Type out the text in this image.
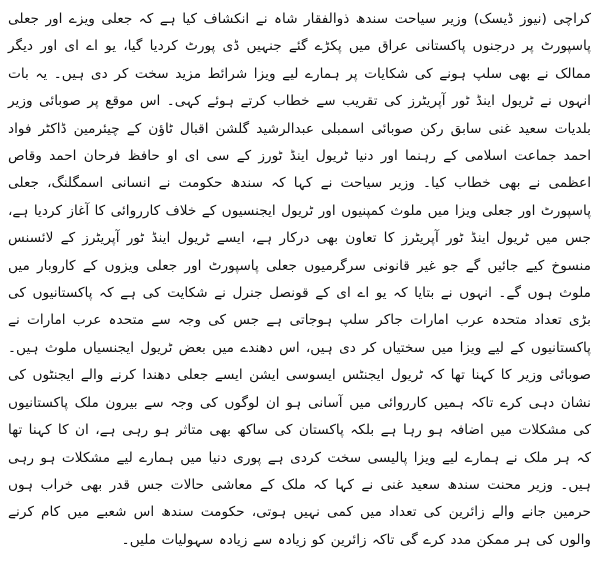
کراچی (نیوز ڈیسک) وزیر سیاحت سندھ ذوالفقار شاہ نے انکشاف کیا ہے کہ جعلی ویزے اور جعلی پاسپورٹ پر درجنوں پاکستانی عراق میں پکڑے گئے جنہیں ڈی پورٹ کردیا گیا، یو اے ای اور دیگر ممالک نے بھی سلپ ہونے کی شکایات پر ہمارے لیے ویزا شرائط مزید سخت کر دی ہیں۔ یہ بات انہوں نے ٹریول اینڈ ٹور آپریٹرز کی تقریب سے خطاب کرتے ہوئے کہی۔ اس موقع پر صوبائی وزیر بلدیات سعید غنی سابق رکن صوبائی اسمبلی عبدالرشید گلشن اقبال ٹاؤن کے چیئرمین ڈاکٹر فواد احمد جماعت اسلامی کے رہنما اور دنیا ٹریول اینڈ ٹورز کے سی ای او حافظ فرحان احمد وقاص اعظمی نے بھی خطاب کیا۔ وزیر سیاحت نے کہا کہ سندھ حکومت نے انسانی اسمگلنگ، جعلی پاسپورٹ اور جعلی ویزا میں ملوث کمپنیوں اور ٹریول ایجنسیوں کے خلاف کارروائی کا آغاز کردیا ہے، جس میں ٹریول اینڈ ٹور آپریٹرز کا تعاون بھی درکار ہے، ایسے ٹریول اینڈ ٹور آپریٹرز کے لائسنس منسوخ کیے جائیں گے جو غیر قانونی سرگرمیوں جعلی پاسپورٹ اور جعلی ویزوں کے کاروبار میں ملوث ہوں گے۔ انہوں نے بتایا کہ یو اے ای کے قونصل جنرل نے شکایت کی ہے کہ پاکستانیوں کی بڑی تعداد متحدہ عرب امارات جاکر سلپ ہوجاتی ہے جس کی وجہ سے متحدہ عرب امارات نے پاکستانیوں کے لیے ویزا میں سختیاں کر دی ہیں، اس دھندے میں بعض ٹریول ایجنسیاں ملوث ہیں۔ صوبائی وزیر کا کہنا تھا کہ ٹریول ایجنٹس ایسوسی ایشن ایسے جعلی دھندا کرنے والے ایجنٹوں کی نشان دہی کرے تاکہ ہمیں کارروائی میں آسانی ہو ان لوگوں کی وجہ سے بیرون ملک پاکستانیوں کی مشکلات میں اضافہ ہو رہا ہے بلکہ پاکستان کی ساکھ بھی متاثر ہو رہی ہے، ان کا کہنا تھا کہ ہر ملک نے ہمارے لیے ویزا پالیسی سخت کردی ہے پوری دنیا میں ہمارے لیے مشکلات ہو رہی ہیں۔ وزیر محنت سندھ سعید غنی نے کہا کہ ملک کے معاشی حالات جس قدر بھی خراب ہوں حرمین جانے والے زائرین کی تعداد میں کمی نہیں ہوتی، حکومت سندھ اس شعبے میں کام کرنے والوں کی ہر ممکن مدد کرے گی تاکہ زائرین کو زیادہ سے زیادہ سہولیات ملیں۔
